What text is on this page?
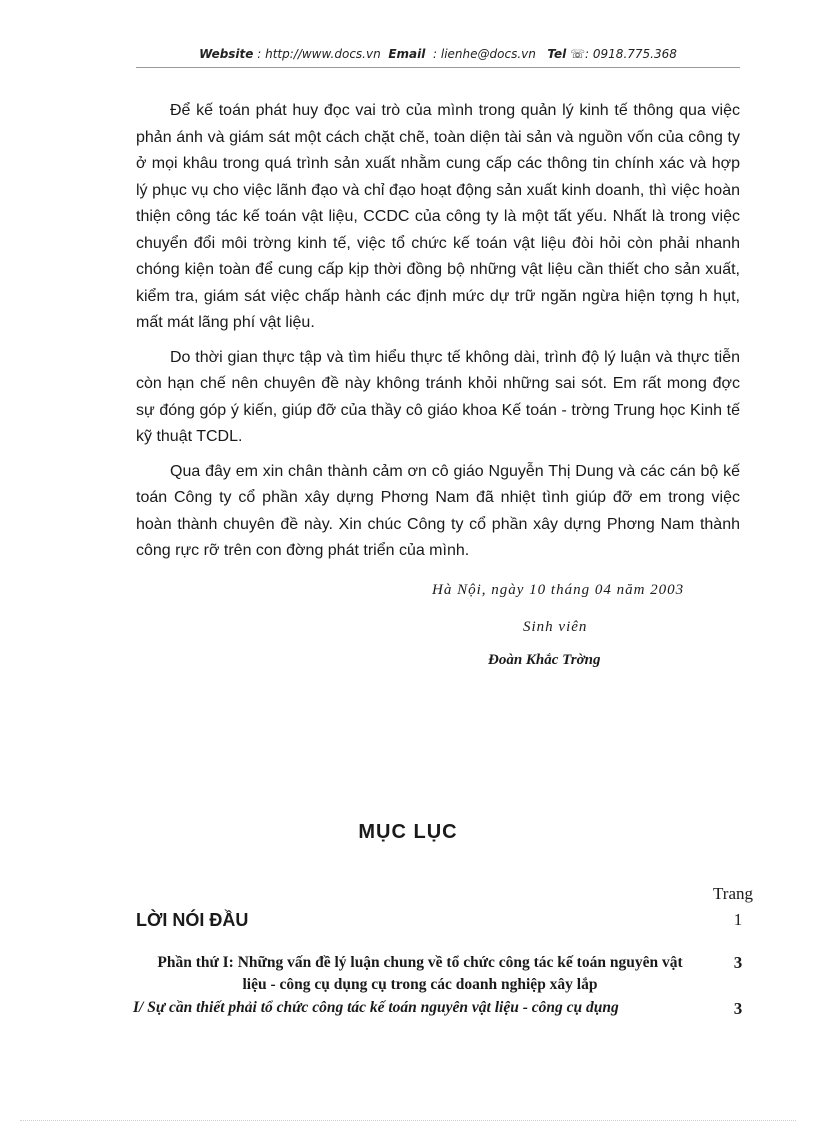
Website : http://www.docs.vn Email : lienhe@docs.vn Tel ☏: 0918.775.368

Để kế toán phát huy đọc vai trò của mình trong quản lý kinh tế thông qua việc phản ánh và giám sát một cách chặt chẽ, toàn diện tài sản và nguồn vốn của công ty ở mọi khâu trong quá trình sản xuất nhằm cung cấp các thông tin chính xác và hợp lý phục vụ cho việc lãnh đạo và chỉ đạo hoạt động sản xuất kinh doanh, thì việc hoàn thiện công tác kế toán vật liệu, CCDC của công ty là một tất yếu. Nhất là trong việc chuyển đổi môi trờng kinh tế, việc tổ chức kế toán vật liệu đòi hỏi còn phải nhanh chóng kiện toàn để cung cấp kịp thời đồng bộ những vật liệu cần thiết cho sản xuất, kiểm tra, giám sát việc chấp hành các định mức dự trữ ngăn ngừa hiện tợng h hụt, mất mát lãng phí vật liệu.

Do thời gian thực tập và tìm hiểu thực tế không dài, trình độ lý luận và thực tiễn còn hạn chế nên chuyên đề này không tránh khỏi những sai sót. Em rất mong đợc sự đóng góp ý kiến, giúp đỡ của thầy cô giáo khoa Kế toán - trờng Trung học Kinh tế kỹ thuật TCDL.

Qua đây em xin chân thành cảm ơn cô giáo Nguyễn Thị Dung và các cán bộ kế toán Công ty cổ phần xây dựng Phơng Nam đã nhiệt tình giúp đỡ em trong việc hoàn thành chuyên đề này. Xin chúc Công ty cổ phần xây dựng Phơng Nam thành công rực rỡ trên con đờng phát triển của mình.

Hà Nội, ngày 10 tháng 04 năm 2003
Sinh viên
Đoàn Khắc Trờng
MỤC LỤC
Trang
LỜI NÓI ĐẦU	1
Phần thứ I: Những vấn đề lý luận chung về tổ chức công tác kế toán nguyên vật liệu - công cụ dụng cụ trong các doanh nghiệp xây lắp
3
I/ Sự cần thiết phải tổ chức công tác kế toán nguyên vật liệu - công cụ dụng	3
